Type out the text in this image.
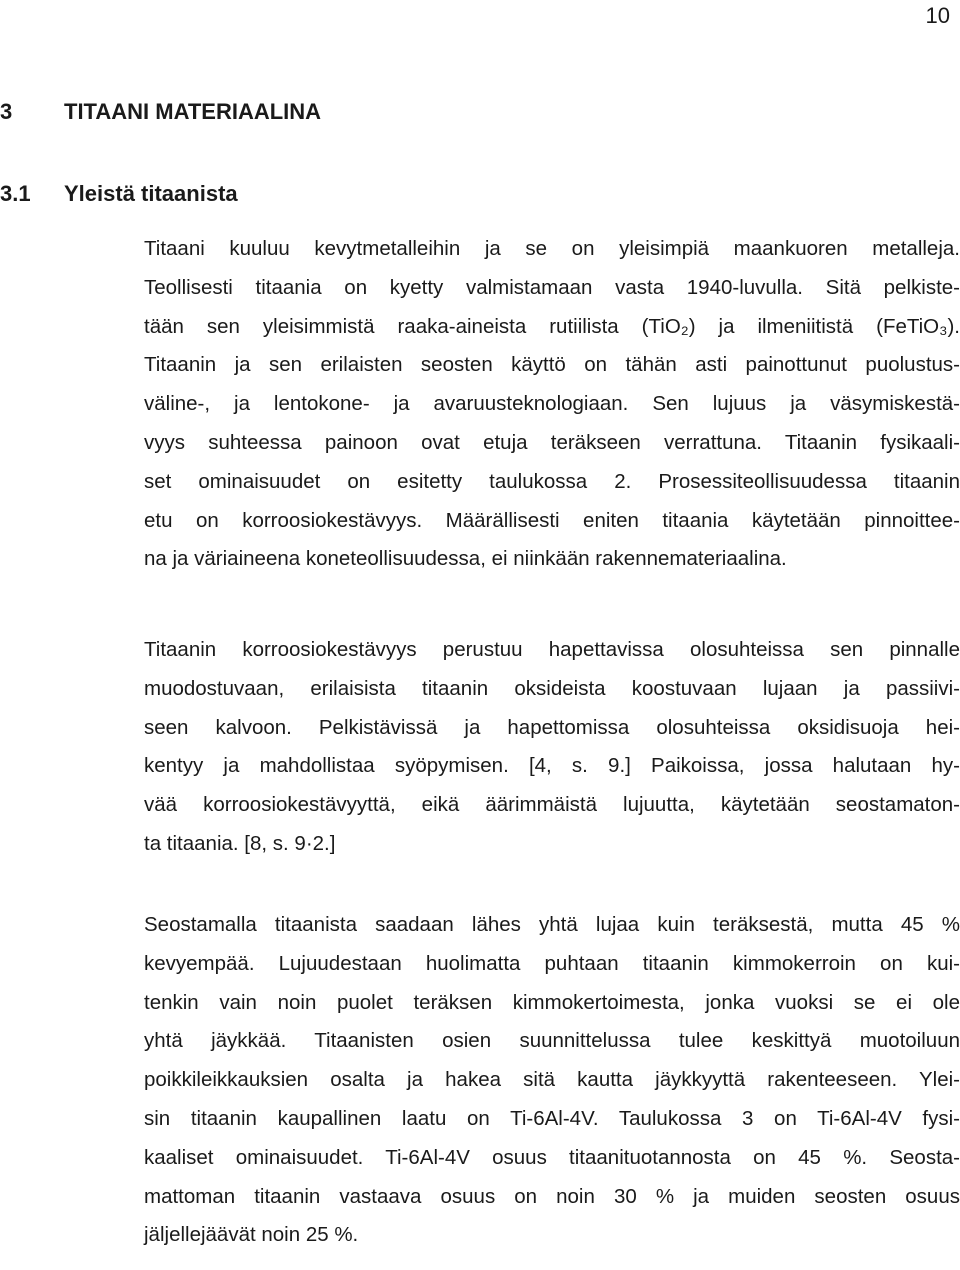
10
3 TITAANI MATERIAALINA
3.1 Yleistä titaanista
Titaani kuuluu kevytmetalleihin ja se on yleisimpiä maankuoren metalleja.
Teollisesti titaania on kyetty valmistamaan vasta 1940-luvulla. Sitä pelkiste-
tään sen yleisimmistä raaka-aineista rutiilista (TiO₂) ja ilmeniitistä (FeTiO₃).
Titaanin ja sen erilaisten seosten käyttö on tähän asti painottunut puolustus-
väline-, ja lentokone- ja avaruusteknologiaan. Sen lujuus ja väsymiskestä-
vyys suhteessa painoon ovat etuja teräkseen verrattuna. Titaanin fysikaali-
set ominaisuudet on esitetty taulukossa 2. Prosessiteollisuudessa titaanin
etu on korroosiokestävyys. Määrällisesti eniten titaania käytetään pinnoittee-
na ja väriaineena koneteollisuudessa, ei niinkään rakennemateriaalina.
Titaanin korroosiokestävyys perustuu hapettavissa olosuhteissa sen pinnalle
muodostuvaan, erilaisista titaanin oksideista koostuvaan lujaan ja passiivi-
seen kalvoon. Pelkistävissä ja hapettomissa olosuhteissa oksidisuoja hei-
kentyy ja mahdollistaa syöpymisen. [4, s. 9.] Paikoissa, jossa halutaan hy-
vää korroosiokestävyyttä, eikä äärimmäistä lujuutta, käytetään seostamaton-
ta titaania. [8, s. 9·2.]
Seostamalla titaanista saadaan lähes yhtä lujaa kuin teräksestä, mutta 45 %
kevyempää. Lujuudestaan huolimatta puhtaan titaanin kimmokerroin on kui-
tenkin vain noin puolet teräksen kimmokertoimesta, jonka vuoksi se ei ole
yhtä jäykkää. Titaanisten osien suunnittelussa tulee keskittyä muotoiluun
poikkileikkauksien osalta ja hakea sitä kautta jäykkyyttä rakenteeseen. Ylei-
sin titaanin kaupallinen laatu on Ti-6Al-4V. Taulukossa 3 on Ti-6Al-4V fysi-
kaaliset ominaisuudet. Ti-6Al-4V osuus titaanituotannosta on 45 %. Seosta-
mattoman titaanin vastaava osuus on noin 30 % ja muiden seosten osuus
jäljellejäävät noin 25 %.
